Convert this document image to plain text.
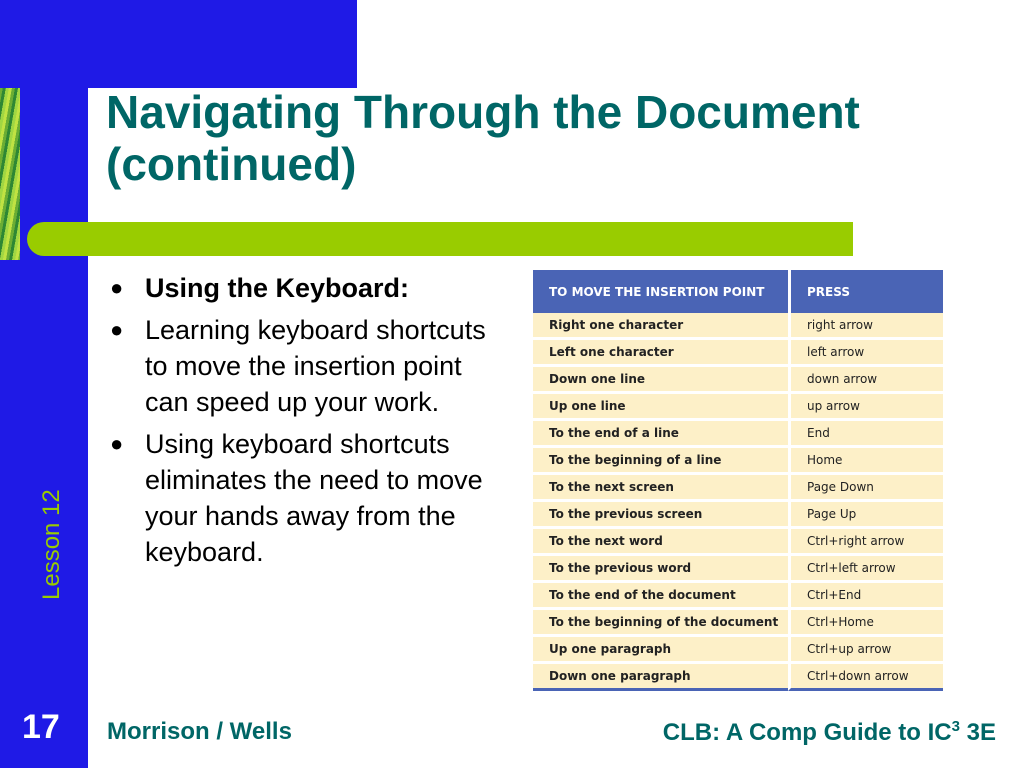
Navigating Through the Document
(continued)
Lesson 12
● Using the Keyboard:
● Learning keyboard shortcuts to move the insertion point can speed up your work.
● Using keyboard shortcuts eliminates the need to move your hands away from the keyboard.
TO MOVE THE INSERTION POINT	PRESS
Right one character	right arrow
Left one character	left arrow
Down one line	down arrow
Up one line	up arrow
To the end of a line	End
To the beginning of a line	Home
To the next screen	Page Down
To the previous screen	Page Up
To the next word	Ctrl+right arrow
To the previous word	Ctrl+left arrow
To the end of the document	Ctrl+End
To the beginning of the document	Ctrl+Home
Up one paragraph	Ctrl+up arrow
Down one paragraph	Ctrl+down arrow
17 Morrison / Wells	CLB: A Comp Guide to $IC^3$ 3E
